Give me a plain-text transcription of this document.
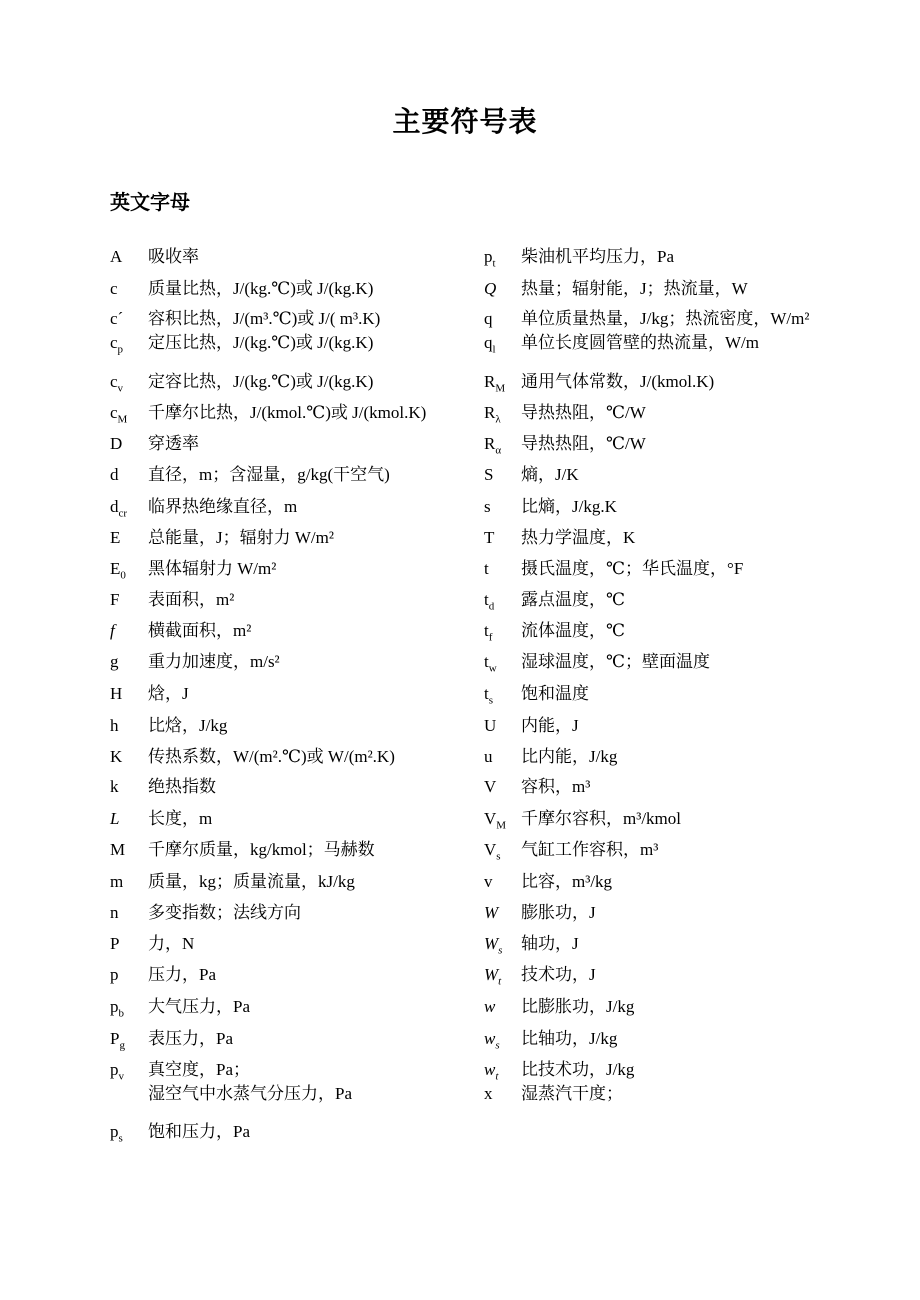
主要符号表
英文字母
A 吸收率
c 质量比热，J/(kg.℃)或 J/(kg.K)
c´ 容积比热，J/(m³.℃)或 J/( m³.K)
$c_p$ 定压比热，J/(kg.℃)或 J/(kg.K)
$c_v$ 定容比热，J/(kg.℃)或 J/(kg.K)
$c_M$ 千摩尔比热，J/(kmol.℃)或 J/(kmol.K)
D 穿透率
d 直径，m；含湿量，g/kg(干空气)
$d_{cr}$ 临界热绝缘直径，m
E 总能量，J；辐射力 W/m²
$E_0$ 黑体辐射力 W/m²
F 表面积，m²
f 横截面积，m²
g 重力加速度，m/s²
H 焓，J
h 比焓，J/kg
K 传热系数，W/(m².℃)或 W/(m².K)
k 绝热指数
L 长度，m
M 千摩尔质量，kg/kmol；马赫数
m 质量，kg；质量流量，kJ/kg
n 多变指数；法线方向
P 力，N
p 压力，Pa
$p_b$ 大气压力，Pa
$P_g$ 表压力，Pa
$p_v$ 真空度，Pa；
湿空气中水蒸气分压力，Pa
$p_s$ 饱和压力，Pa
$p_t$ 柴油机平均压力，Pa
Q 热量；辐射能，J；热流量，W
q 单位质量热量，J/kg；热流密度，W/m²
$q_l$ 单位长度圆管壁的热流量，W/m
$R_M$ 通用气体常数，J/(kmol.K)
$R_\lambda$ 导热热阻，℃/W
$R_\alpha$ 导热热阻，℃/W
S 熵，J/K
s 比熵，J/kg.K
T 热力学温度，K
t 摄氏温度，℃；华氏温度，°F
$t_d$ 露点温度，℃
$t_f$ 流体温度，℃
$t_w$ 湿球温度，℃；壁面温度
$t_s$ 饱和温度
U 内能，J
u 比内能，J/kg
V 容积，m³
$V_M$ 千摩尔容积，m³/kmol
$V_s$ 气缸工作容积，m³
v 比容，m³/kg
W 膨胀功，J
$W_s$ 轴功，J
$W_t$ 技术功，J
w 比膨胀功，J/kg
$w_s$ 比轴功，J/kg
$w_t$ 比技术功，J/kg
x 湿蒸汽干度；
